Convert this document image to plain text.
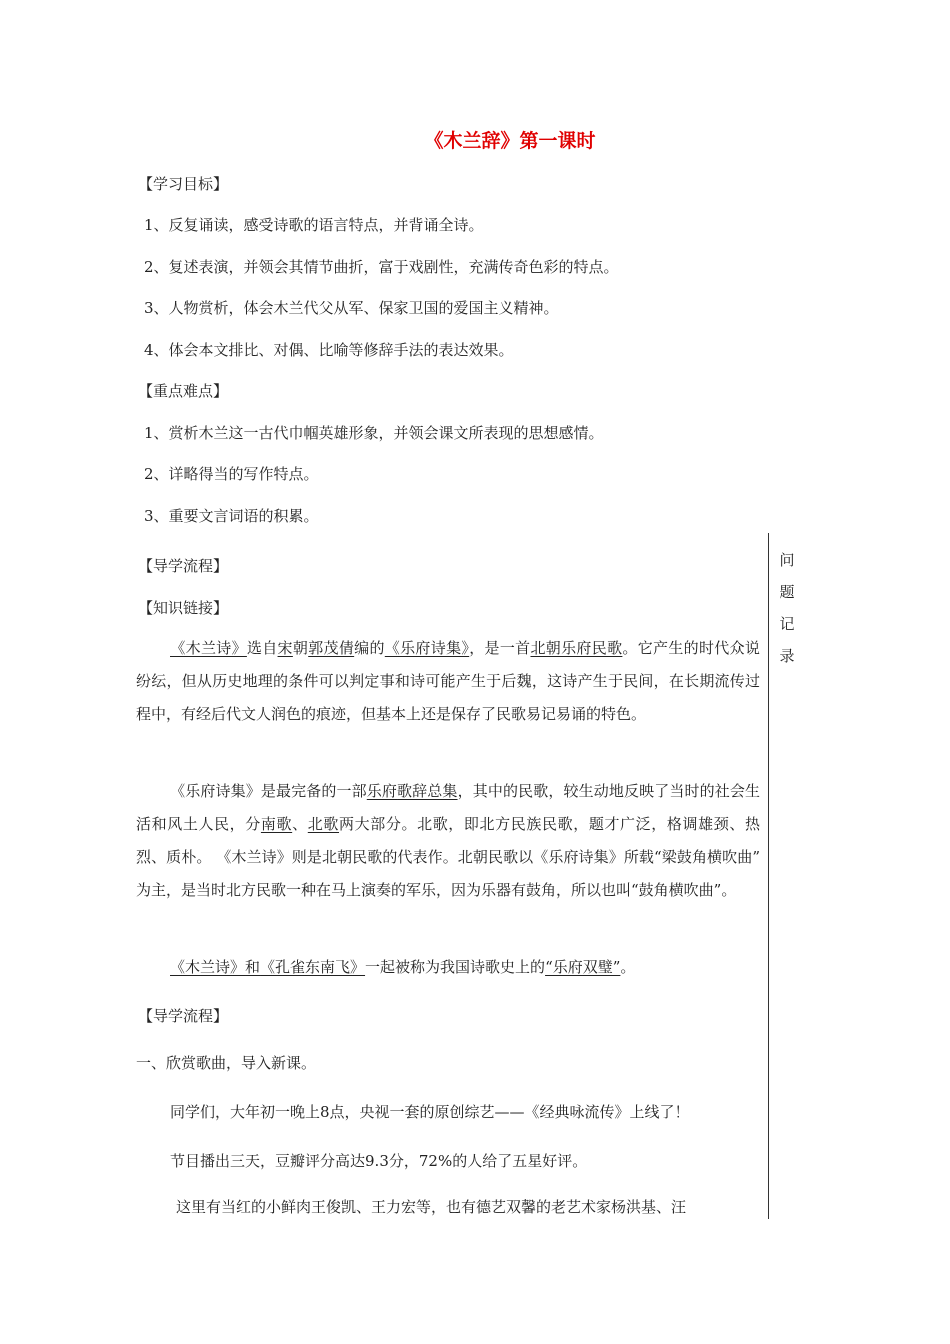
《木兰辞》第一课时
【学习目标】
1、反复诵读，感受诗歌的语言特点，并背诵全诗。
2、复述表演，并领会其情节曲折，富于戏剧性，充满传奇色彩的特点。
3、人物赏析，体会木兰代父从军、保家卫国的爱国主义精神。
4、体会本文排比、对偶、比喻等修辞手法的表达效果。
【重点难点】
1、赏析木兰这一古代巾帼英雄形象，并领会课文所表现的思想感情。
2、详略得当的写作特点。
3、重要文言词语的积累。
问题记录
【导学流程】
【知识链接】
《木兰诗》选自宋朝郭茂倩编的《乐府诗集》，是一首北朝乐府民歌。它产生的时代众说纷纭，但从历史地理的条件可以判定事和诗可能产生于后魏，这诗产生于民间，在长期流传过程中，有经后代文人润色的痕迹，但基本上还是保存了民歌易记易诵的特色。
《乐府诗集》是最完备的一部乐府歌辞总集，其中的民歌，较生动地反映了当时的社会生活和风土人民，分南歌、北歌两大部分。北歌，即北方民族民歌，题才广泛，格调雄颈、热烈、质朴。 《木兰诗》则是北朝民歌的代表作。北朝民歌以《乐府诗集》所载“梁鼓角横吹曲” 为主，是当时北方民歌一种在马上演奏的军乐，因为乐器有鼓角，所以也叫“鼓角横吹曲”。
《木兰诗》和《孔雀东南飞》一起被称为我国诗歌史上的“乐府双璧”。
【导学流程】
一、欣赏歌曲，导入新课。
同学们，大年初一晚上8点，央视一套的原创综艺——《经典咏流传》上线了！
节目播出三天，豆瓣评分高达9.3分，72%的人给了五星好评。
这里有当红的小鲜肉王俊凯、王力宏等，也有德艺双馨的老艺术家杨洪基、汪
